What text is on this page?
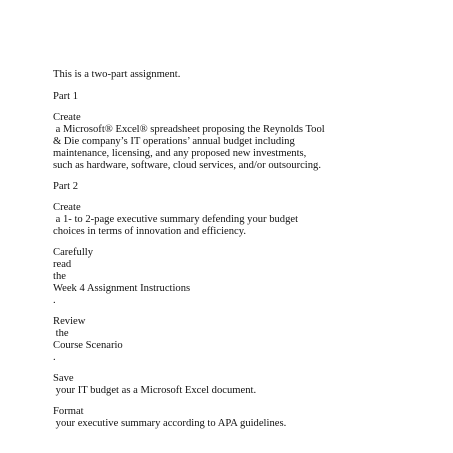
This is a two-part assignment.

Part 1

Create

a Microsoft® Excel® spreadsheet proposing the Reynolds Tool

& Die company’s IT operations’ annual budget including

maintenance, licensing, and any proposed new investments,

such as hardware, software, cloud services, and/or outsourcing.

Part 2

Create

a 1- to 2-page executive summary defending your budget

choices in terms of innovation and efficiency.

Carefully

read

the

Week 4 Assignment Instructions

.

Review

the

Course Scenario

.

Save

your IT budget as a Microsoft Excel document.

Format

your executive summary according to APA guidelines.
